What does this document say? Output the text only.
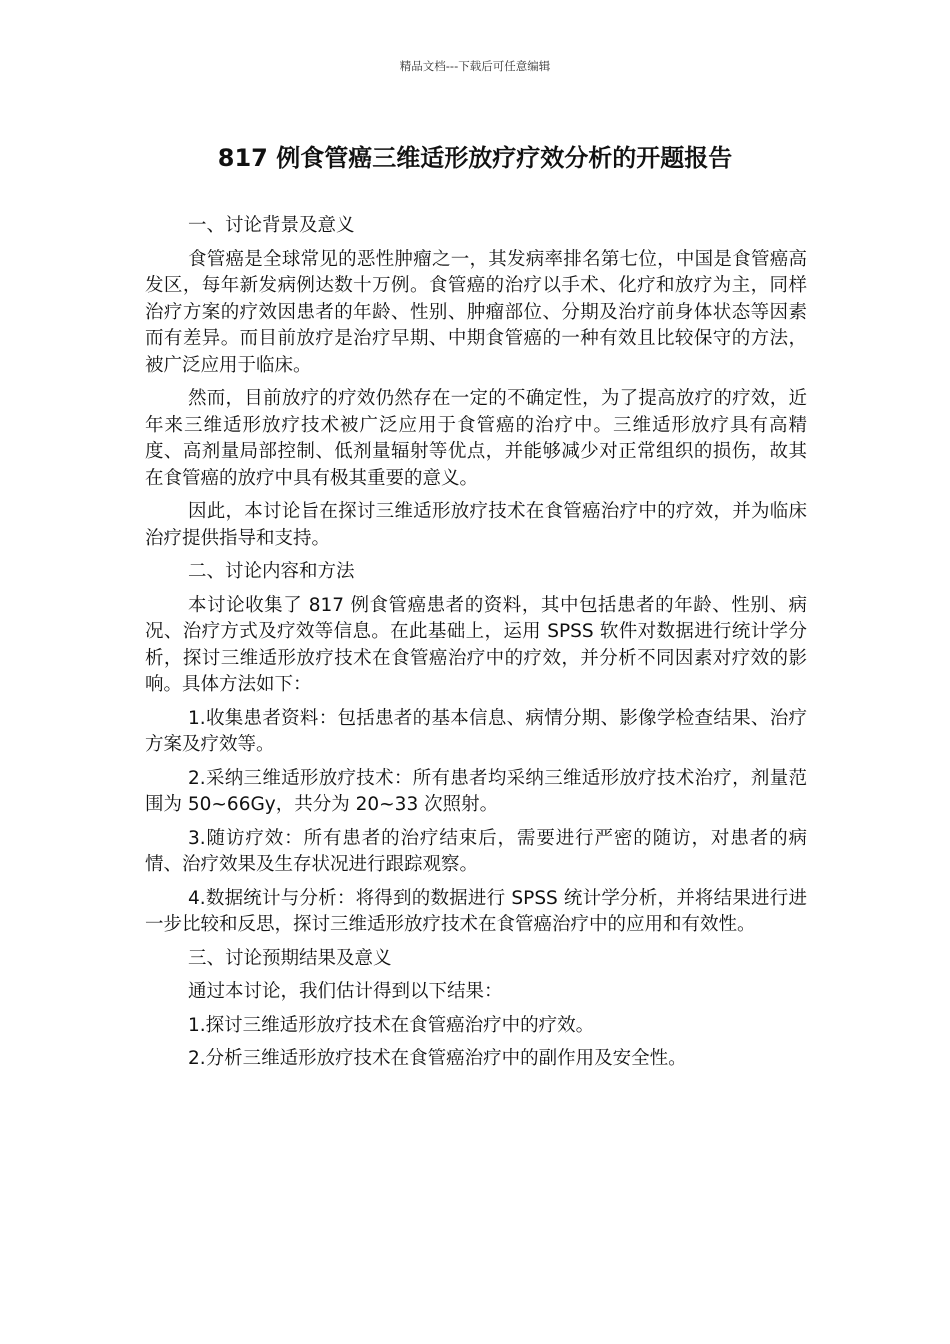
精品文档---下载后可任意编辑
817 例食管癌三维适形放疗疗效分析的开题报告

一、讨论背景及意义

食管癌是全球常见的恶性肿瘤之一，其发病率排名第七位，中国是食管癌高发区，每年新发病例达数十万例。食管癌的治疗以手术、化疗和放疗为主，同样治疗方案的疗效因患者的年龄、性别、肿瘤部位、分期及治疗前身体状态等因素而有差异。而目前放疗是治疗早期、中期食管癌的一种有效且比较保守的方法，被广泛应用于临床。

然而，目前放疗的疗效仍然存在一定的不确定性，为了提高放疗的疗效，近年来三维适形放疗技术被广泛应用于食管癌的治疗中。三维适形放疗具有高精度、高剂量局部控制、低剂量辐射等优点，并能够减少对正常组织的损伤，故其在食管癌的放疗中具有极其重要的意义。

因此，本讨论旨在探讨三维适形放疗技术在食管癌治疗中的疗效，并为临床治疗提供指导和支持。

二、讨论内容和方法

本讨论收集了 817 例食管癌患者的资料，其中包括患者的年龄、性别、病况、治疗方式及疗效等信息。在此基础上，运用 SPSS 软件对数据进行统计学分析，探讨三维适形放疗技术在食管癌治疗中的疗效，并分析不同因素对疗效的影响。具体方法如下：

1.收集患者资料：包括患者的基本信息、病情分期、影像学检查结果、治疗方案及疗效等。

2.采纳三维适形放疗技术：所有患者均采纳三维适形放疗技术治疗，剂量范围为 50~66Gy，共分为 20~33 次照射。

3.随访疗效：所有患者的治疗结束后，需要进行严密的随访，对患者的病情、治疗效果及生存状况进行跟踪观察。

4.数据统计与分析：将得到的数据进行 SPSS 统计学分析，并将结果进行进一步比较和反思，探讨三维适形放疗技术在食管癌治疗中的应用和有效性。

三、讨论预期结果及意义

通过本讨论，我们估计得到以下结果：

1.探讨三维适形放疗技术在食管癌治疗中的疗效。

2.分析三维适形放疗技术在食管癌治疗中的副作用及安全性。
